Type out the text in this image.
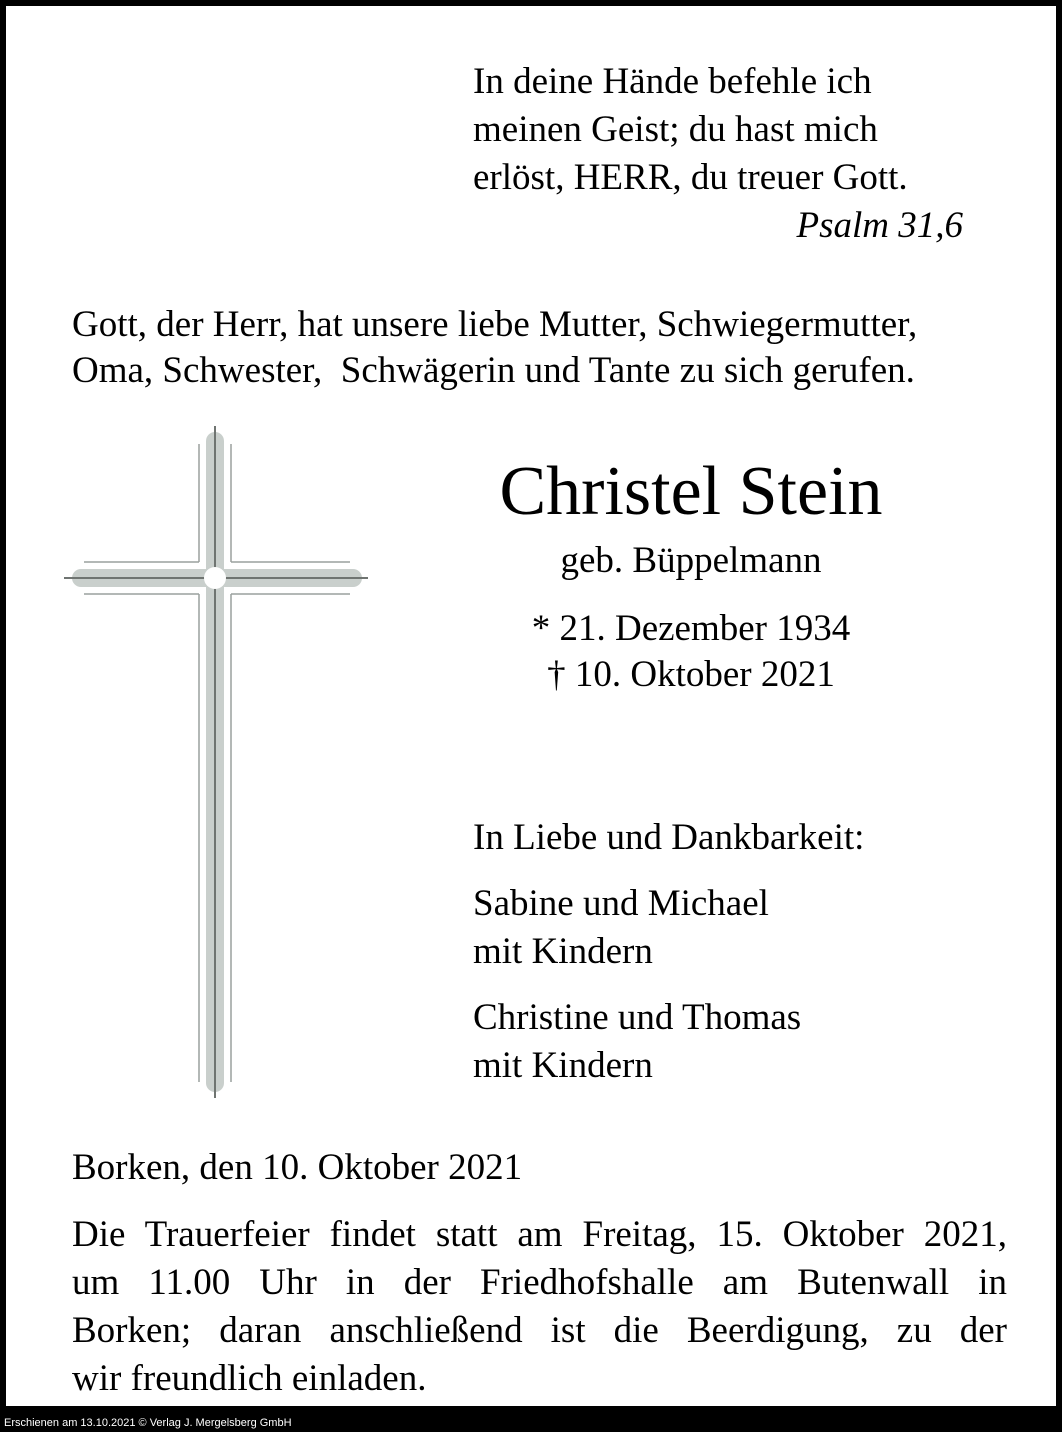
In deine Hände befehle ich
meinen Geist; du hast mich
erlöst, HERR, du treuer Gott.
Psalm 31,6
Gott, der Herr, hat unsere liebe Mutter, Schwiegermutter,
Oma, Schwester,  Schwägerin und Tante zu sich gerufen.
Christel Stein
geb. Büppelmann
* 21. Dezember 1934
† 10. Oktober 2021
In Liebe und Dankbarkeit:
Sabine und Michael
mit Kindern
Christine und Thomas
mit Kindern
Borken, den 10. Oktober 2021
Die Trauerfeier findet statt am Freitag, 15. Oktober 2021,
um 11.00 Uhr in der Friedhofshalle am Butenwall in
Borken; daran anschließend ist die Beerdigung, zu der
wir freundlich einladen.
Erschienen am 13.10.2021 © Verlag J. Mergelsberg GmbH
